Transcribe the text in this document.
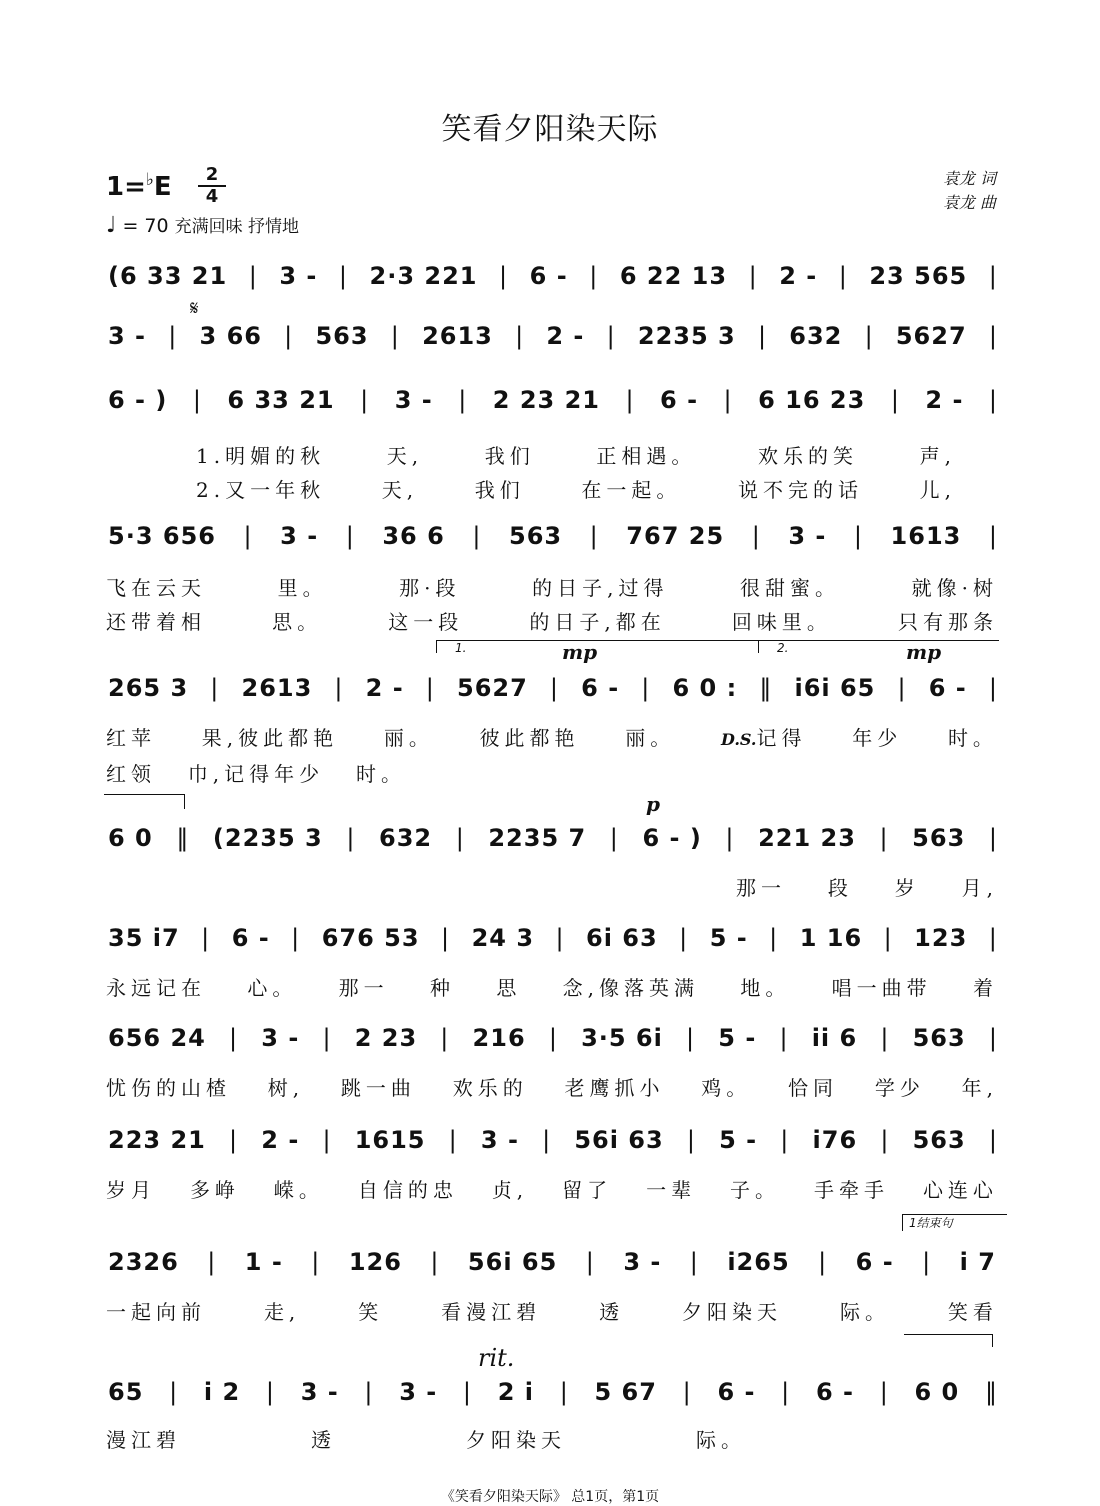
笑看夕阳染天际
1=♭E	2
4
♩ = 70 充满回味 抒情地
袁龙 词
袁龙 曲
𝄋
(6 33 21 | 3 - | 2·3 221 | 6 - | 6 22 13 | 2 - | 23 565 |
3 - | 3 66 | 563 | 2613 | 2 - | 2235 3 | 632 | 5627 |
6 - ) | 6 33 21 | 3 - | 2 23 21 | 6 - | 6 16 23 | 2 - |
1.明媚的秋	天,	我们	正相遇。	欢乐的笑	声,
2.又一年秋	天,	我们	在一起。	说不完的话	儿,
5·3 656 | 3 - | 36 6 | 563 | 767 25 | 3 - | 1613 |
飞在云天	里。	那·段	的日子,过得	很甜蜜。	就像·树
还带着相	思。	这一段	的日子,都在	回味里。	只有那条
1.	2.
mp	mp
265 3 | 2613 | 2 - | 5627 | 6 - | 6 0 : ‖ i6i 65 | 6 - |
红苹 果,彼此都艳 丽。 彼此都艳 丽。	D.S.记得 年少 时。
红领 巾,记得年少 时。
p
6 0 ‖ (2235 3 | 632 | 2235 7 | 6 - ) | 221 23 | 563 |
那一 段 岁 月,
35 i7 | 6 - | 676 53 | 24 3 | 6i 63 | 5 - | 1 16 | 123 |
永远记在 心。 那一 种 思 念,像落英满 地。 唱一曲带 着
656 24 | 3 - | 2 23 | 216 | 3·5 6i | 5 - | ii 6 | 563 |
忧伤的山楂 树, 跳一曲 欢乐的 老鹰抓小 鸡。 恰同 学少 年,
223 21 | 2 - | 1615 | 3 - | 56i 63 | 5 - | i76 | 563 |
岁月 多峥 嵘。 自信的忠 贞, 留了 一辈 子。 手牵手 心连心
1结束句
2326 | 1 - | 126 | 56i 65 | 3 - | i265 | 6 - | i 7
一起向前	走,	笑	看漫江碧	透	夕阳染天	际。	笑看
rit.
65 | i 2 | 3 - | 3 - | 2 i | 5 67 | 6 - | 6 - | 6 0 ‖
漫江碧	透	夕阳染天	际。
《笑看夕阳染天际》 总1页，第1页
